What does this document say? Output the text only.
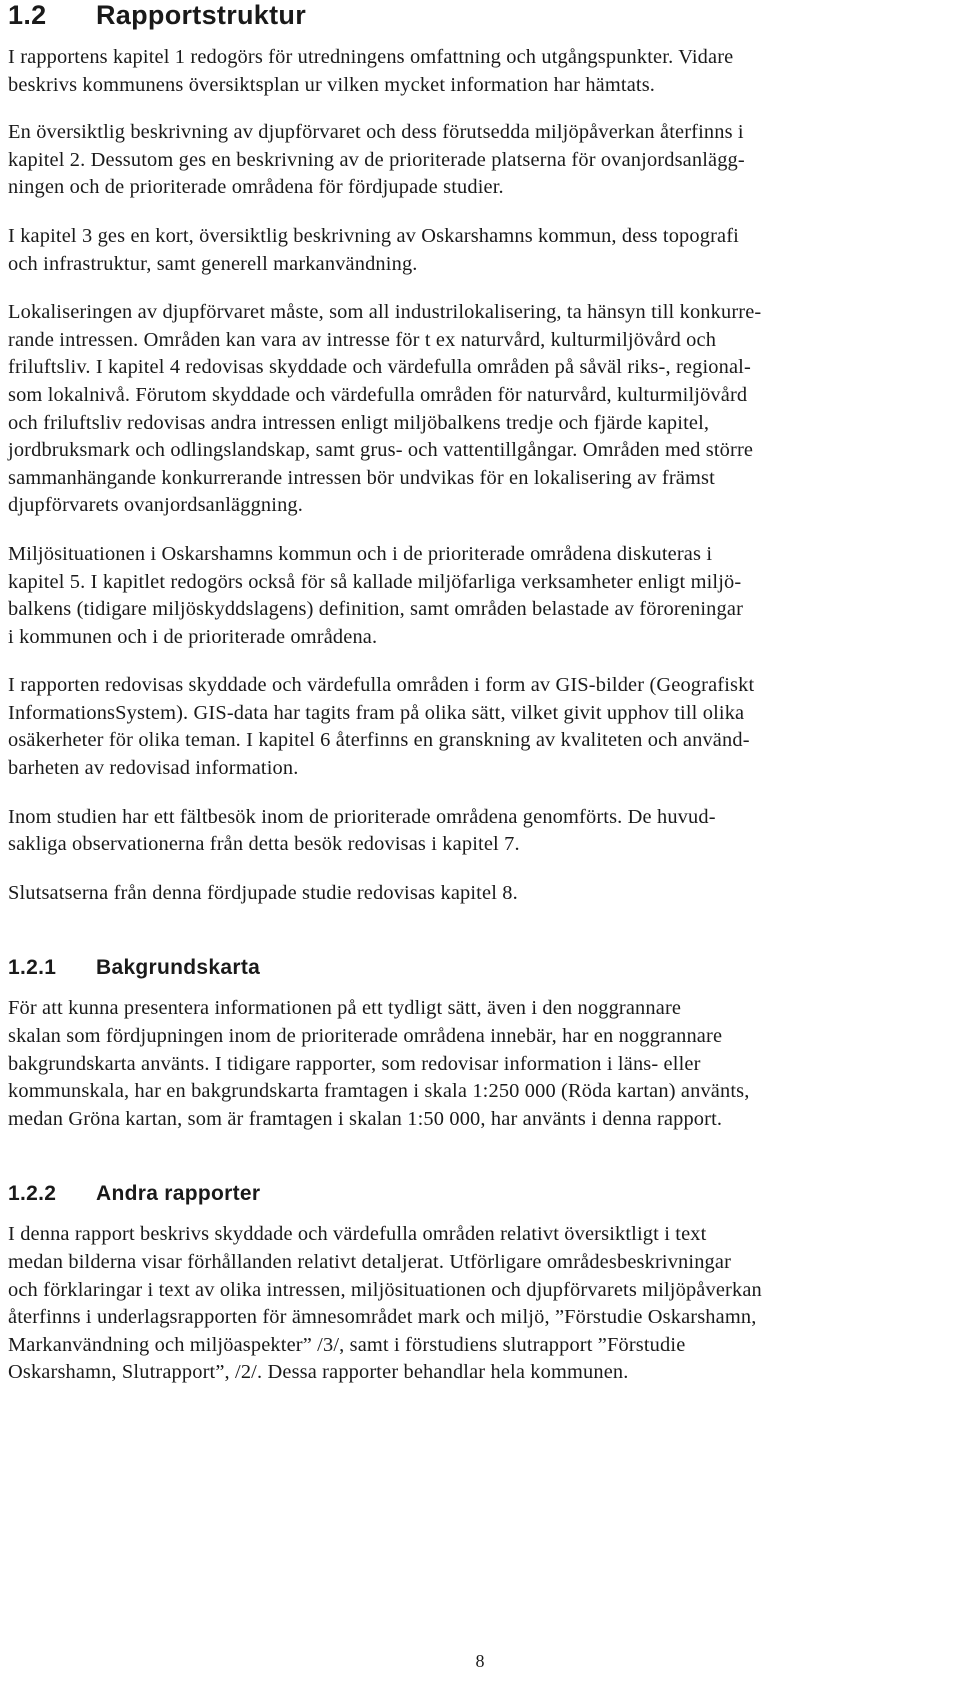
1.2 Rapportstruktur

I rapportens kapitel 1 redogörs för utredningens omfattning och utgångspunkter. Vidare
beskrivs kommunens översiktsplan ur vilken mycket information har hämtats.

En översiktlig beskrivning av djupförvaret och dess förutsedda miljöpåverkan återfinns i
kapitel 2. Dessutom ges en beskrivning av de prioriterade platserna för ovanjordsanlägg-
ningen och de prioriterade områdena för fördjupade studier.

I kapitel 3 ges en kort, översiktlig beskrivning av Oskarshamns kommun, dess topografi
och infrastruktur, samt generell markanvändning.

Lokaliseringen av djupförvaret måste, som all industrilokalisering, ta hänsyn till konkurre-
rande intressen. Områden kan vara av intresse för t ex naturvård, kulturmiljövård och
friluftsliv. I kapitel 4 redovisas skyddade och värdefulla områden på såväl riks-, regional-
som lokalnivå. Förutom skyddade och värdefulla områden för naturvård, kulturmiljövård
och friluftsliv redovisas andra intressen enligt miljöbalkens tredje och fjärde kapitel,
jordbruksmark och odlingslandskap, samt grus- och vattentillgångar. Områden med större
sammanhängande konkurrerande intressen bör undvikas för en lokalisering av främst
djupförvarets ovanjordsanläggning.

Miljösituationen i Oskarshamns kommun och i de prioriterade områdena diskuteras i
kapitel 5. I kapitlet redogörs också för så kallade miljöfarliga verksamheter enligt miljö-
balkens (tidigare miljöskyddslagens) definition, samt områden belastade av föroreningar
i kommunen och i de prioriterade områdena.

I rapporten redovisas skyddade och värdefulla områden i form av GIS-bilder (Geografiskt
InformationsSystem). GIS-data har tagits fram på olika sätt, vilket givit upphov till olika
osäkerheter för olika teman. I kapitel 6 återfinns en granskning av kvaliteten och använd-
barheten av redovisad information.

Inom studien har ett fältbesök inom de prioriterade områdena genomförts. De huvud-
sakliga observationerna från detta besök redovisas i kapitel 7.

Slutsatserna från denna fördjupade studie redovisas kapitel 8.

1.2.1 Bakgrundskarta

För att kunna presentera informationen på ett tydligt sätt, även i den noggrannare
skalan som fördjupningen inom de prioriterade områdena innebär, har en noggrannare
bakgrundskarta använts. I tidigare rapporter, som redovisar information i läns- eller
kommunskala, har en bakgrundskarta framtagen i skala 1:250 000 (Röda kartan) använts,
medan Gröna kartan, som är framtagen i skalan 1:50 000, har använts i denna rapport.

1.2.2 Andra rapporter

I denna rapport beskrivs skyddade och värdefulla områden relativt översiktligt i text
medan bilderna visar förhållanden relativt detaljerat. Utförligare områdesbeskrivningar
och förklaringar i text av olika intressen, miljösituationen och djupförvarets miljöpåverkan
återfinns i underlagsrapporten för ämnesområdet mark och miljö, ”Förstudie Oskarshamn,
Markanvändning och miljöaspekter” /3/, samt i förstudiens slutrapport ”Förstudie
Oskarshamn, Slutrapport”, /2/. Dessa rapporter behandlar hela kommunen.

8
